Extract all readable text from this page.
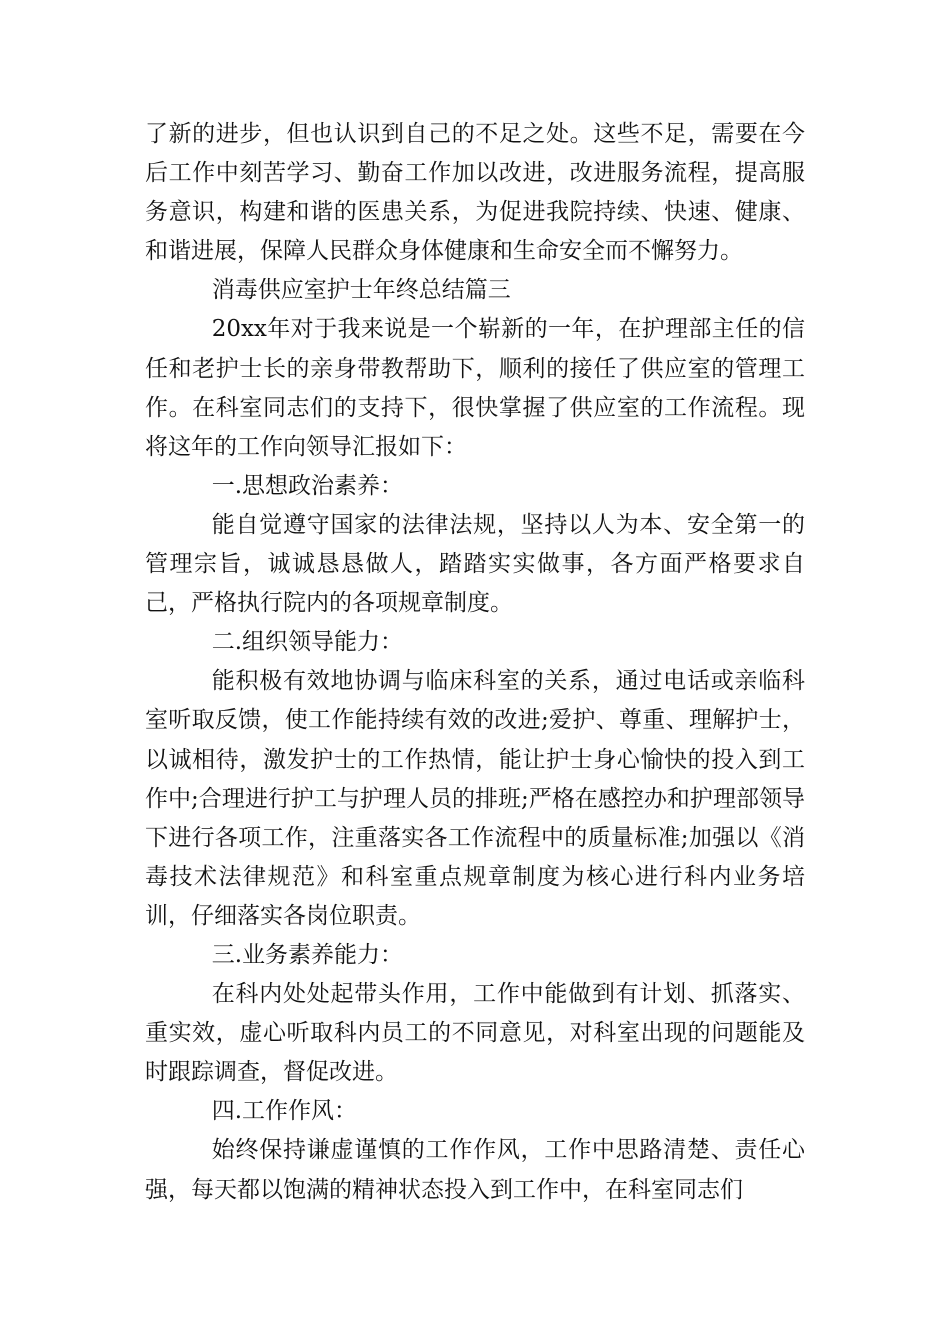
了新的进步，但也认识到自己的不足之处。这些不足，需要在今后工作中刻苦学习、勤奋工作加以改进，改进服务流程，提高服务意识，构建和谐的医患关系，为促进我院持续、快速、健康、和谐进展，保障人民群众身体健康和生命安全而不懈努力。

消毒供应室护士年终总结篇三

20xx年对于我来说是一个崭新的一年，在护理部主任的信任和老护士长的亲身带教帮助下，顺利的接任了供应室的管理工作。在科室同志们的支持下，很快掌握了供应室的工作流程。现将这年的工作向领导汇报如下：

一.思想政治素养：

能自觉遵守国家的法律法规，坚持以人为本、安全第一的管理宗旨，诚诚恳恳做人，踏踏实实做事，各方面严格要求自己，严格执行院内的各项规章制度。

二.组织领导能力：

能积极有效地协调与临床科室的关系，通过电话或亲临科室听取反馈，使工作能持续有效的改进;爱护、尊重、理解护士，以诚相待，激发护士的工作热情，能让护士身心愉快的投入到工作中;合理进行护工与护理人员的排班;严格在感控办和护理部领导下进行各项工作，注重落实各工作流程中的质量标准;加强以《消毒技术法律规范》和科室重点规章制度为核心进行科内业务培训，仔细落实各岗位职责。

三.业务素养能力：

在科内处处起带头作用，工作中能做到有计划、抓落实、重实效，虚心听取科内员工的不同意见，对科室出现的问题能及时跟踪调查，督促改进。

四.工作作风：

始终保持谦虚谨慎的工作作风，工作中思路清楚、责任心强，每天都以饱满的精神状态投入到工作中，在科室同志们
